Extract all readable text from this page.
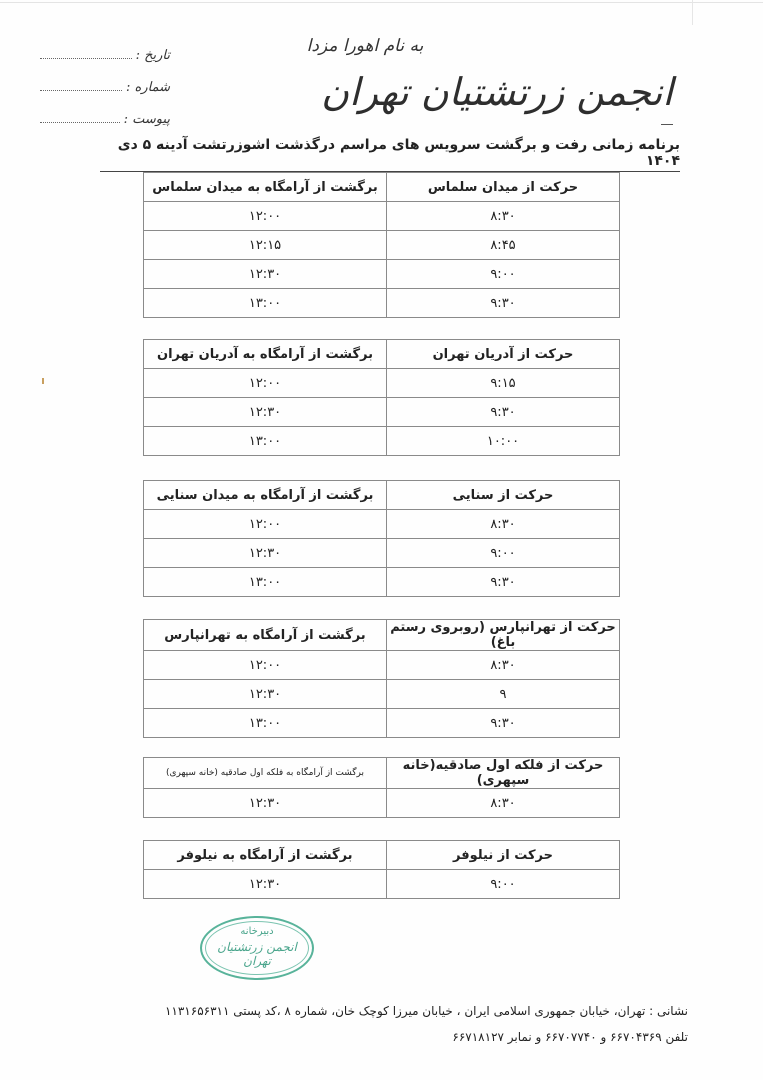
به نام اهورا مزدا
انجمن زرتشتیان تهران
تاریخ :
شماره :
پیوست :
برنامه زمانی رفت و برگشت سرویس های مراسم درگذشت اشوزرتشت آدینه ۵ دی ۱۴۰۴
حرکت از میدان سلماس	برگشت از آرامگاه به میدان سلماس
۸:۳۰	۱۲:۰۰
۸:۴۵	۱۲:۱۵
۹:۰۰	۱۲:۳۰
۹:۳۰	۱۳:۰۰
حرکت از آدریان تهران	برگشت از آرامگاه به آدریان تهران
۹:۱۵	۱۲:۰۰
۹:۳۰	۱۲:۳۰
۱۰:۰۰	۱۳:۰۰
حرکت از سنایی	برگشت از آرامگاه به میدان سنایی
۸:۳۰	۱۲:۰۰
۹:۰۰	۱۲:۳۰
۹:۳۰	۱۳:۰۰
حرکت از تهرانپارس (روبروی رستم باغ)	برگشت از آرامگاه به تهرانپارس
۸:۳۰	۱۲:۰۰
۹	۱۲:۳۰
۹:۳۰	۱۳:۰۰
حرکت از فلکه اول صادقیه(خانه سپهری)	برگشت از آرامگاه به فلکه اول صادقیه (خانه سپهری)
۸:۳۰	۱۲:۳۰
حرکت از نیلوفر	برگشت از آرامگاه به نیلوفر
۹:۰۰	۱۲:۳۰
دبیرخانه
انجمن زرتشتیان تهران
نشانی : تهران، خیابان جمهوری اسلامی ایران ، خیابان میرزا کوچک خان، شماره ۸ ،کد پستی ۱۱۳۱۶۵۶۳۱۱
تلفن ۶۶۷۰۴۳۶۹ و ۶۶۷۰۷۷۴۰ و نمابر ۶۶۷۱۸۱۲۷
